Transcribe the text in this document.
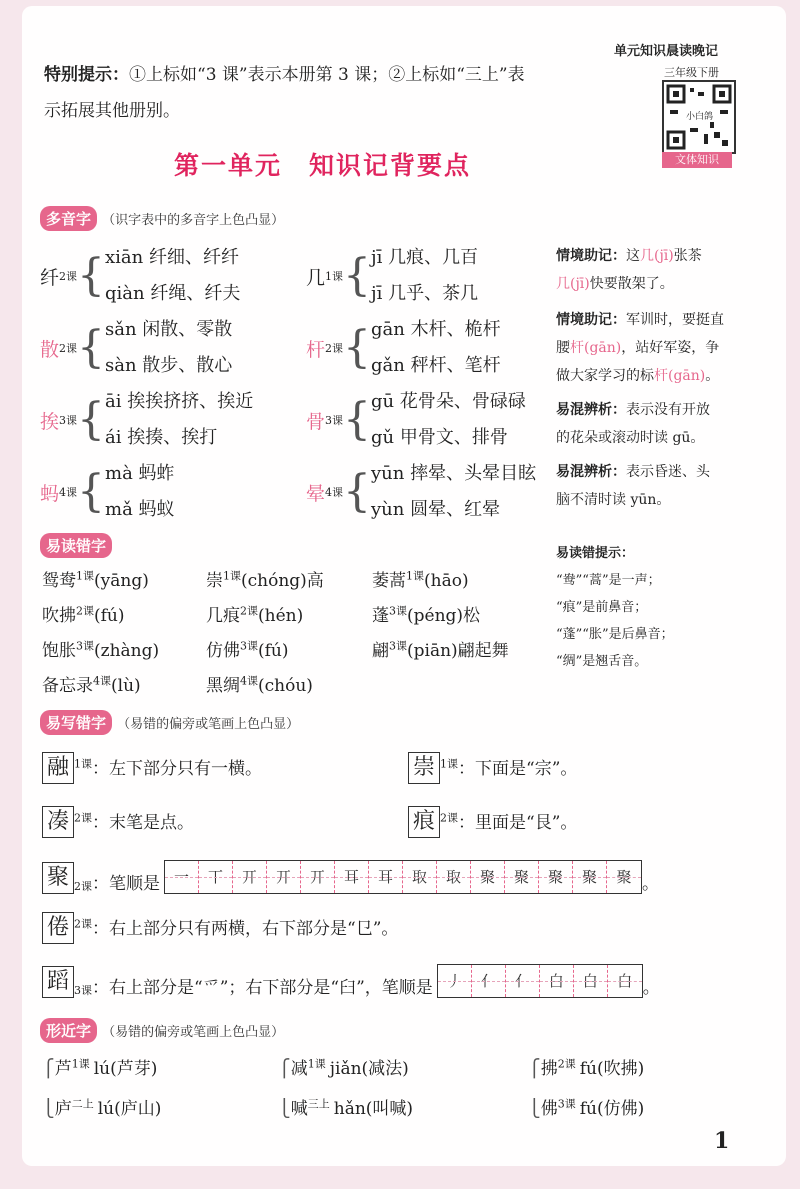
单元知识晨读晚记
三年级下册
小白鸽
文体知识
特别提示：①上标如“3 课”表示本册第 3 课；②上标如“三上”表
示拓展其他册别。
第一单元　知识记背要点
多音字 （识字表中的多音字上色凸显）
纤 2课 { xiān 纤细、纤纤
qiàn 纤绳、纤夫
散 2课 { sǎn 闲散、零散
sàn 散步、散心
挨 3课 { āi 挨挨挤挤、挨近
ái 挨揍、挨打
蚂 4课 { mà 蚂蚱
mǎ 蚂蚁
几 1课 { jī 几痕、几百
jī 几乎、茶几
杆 2课 { gān 木杆、桅杆
gǎn 秤杆、笔杆
骨 3课 { gū 花骨朵、骨碌碌
gǔ 甲骨文、排骨
晕 4课 { yūn 摔晕、头晕目眩
yùn 圆晕、红晕
情境助记：这几(jī)张茶
几(jī)快要散架了。
情境助记：军训时，要挺直
腰杆(gān)，站好军姿，争
做大家学习的标杆(gān)。
易混辨析：表示没有开放
的花朵或滚动时读 gū。
易混辨析：表示昏迷、头
脑不清时读 yūn。
易读错字
鸳鸯$^{1课}$(yāng)	崇$^{1课}$(chóng)高	萎蒿$^{1课}$(hāo)
吹拂$^{2课}$(fú)	几痕$^{2课}$(hén)	蓬$^{3课}$(péng)松
饱胀$^{3课}$(zhàng)	仿佛$^{3课}$(fú)	翩$^{3课}$(piān)翩起舞
备忘录$^{4课}$(lù)	黑绸$^{4课}$(chóu)
易读错提示：
“鸯”“蒿”是一声；
“痕”是前鼻音；
“蓬”“胀”是后鼻音；
“绸”是翘舌音。
易写错字 （易错的偏旁或笔画上色凸显）
融 $^{1课}$：左下部分只有一横。	崇 $^{1课}$：下面是“宗”。
凑 $^{2课}$：末笔是点。	痕 $^{2课}$：里面是“艮”。
聚 $_{2课}$ ：笔顺是 一	丅	丌	丌	丌	耳	耳	取	取	聚	聚	聚	聚	聚 。
倦 $^{2课}$：右上部分只有两横，右下部分是“㔾”。
蹈 $_{3课}$ ：右上部分是“爫”；右下部分是“臼”，笔顺是 丿	亻	亻	白	白	白 。
形近字 （易错的偏旁或笔画上色凸显）
⎧芦$^{1课}$ lú(芦芽)
⎩庐$^{二上}$ lú(庐山)
⎧减$^{1课}$ jiǎn(减法)
⎩喊$^{三上}$ hǎn(叫喊)
⎧拂$^{2课}$ fú(吹拂)
⎩佛$^{3课}$ fú(仿佛)
1
